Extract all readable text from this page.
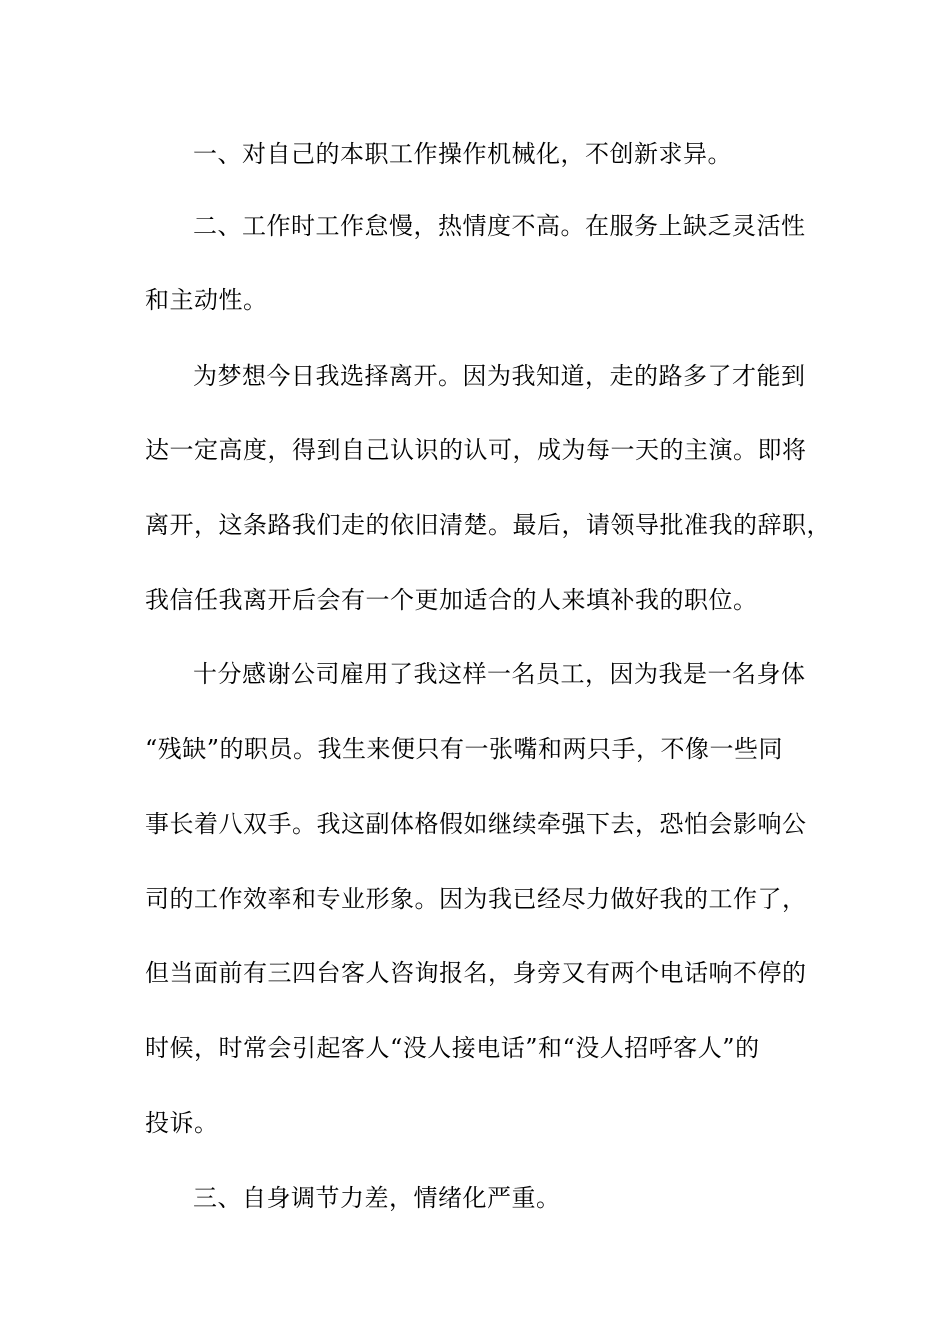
一、对自己的本职工作操作机械化，不创新求异。
二、工作时工作怠慢，热情度不高。在服务上缺乏灵活性
和主动性。
为梦想今日我选择离开。因为我知道，走的路多了才能到
达一定高度，得到自己认识的认可，成为每一天的主演。即将
离开，这条路我们走的依旧清楚。最后，请领导批准我的辞职，
我信任我离开后会有一个更加适合的人来填补我的职位。
十分感谢公司雇用了我这样一名员工，因为我是一名身体
“残缺”的职员。我生来便只有一张嘴和两只手，不像一些同
事长着八双手。我这副体格假如继续牵强下去，恐怕会影响公
司的工作效率和专业形象。因为我已经尽力做好我的工作了，
但当面前有三四台客人咨询报名，身旁又有两个电话响不停的
时候，时常会引起客人“没人接电话”和“没人招呼客人”的
投诉。
三、自身调节力差，情绪化严重。
